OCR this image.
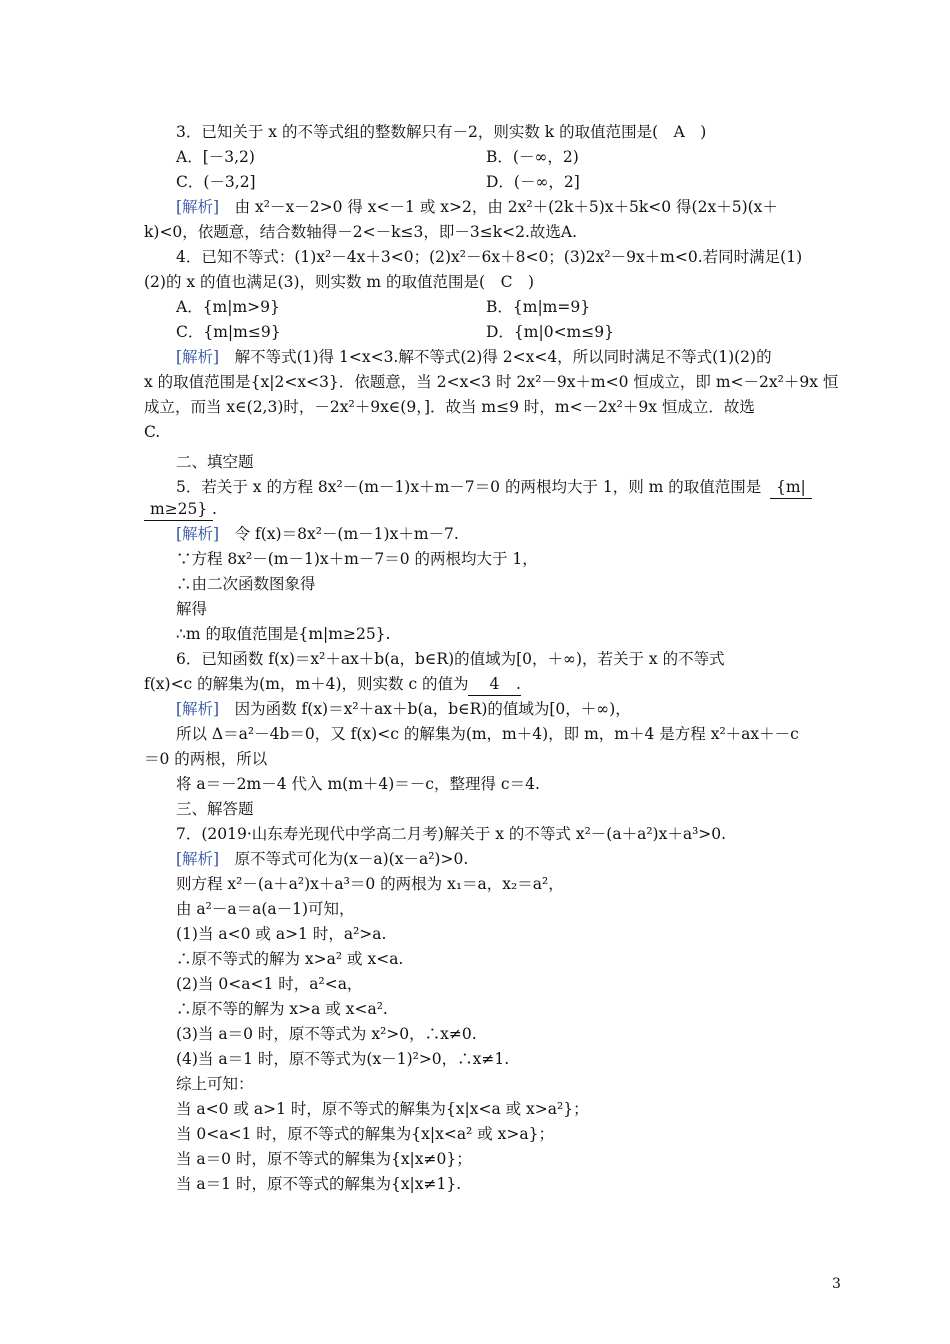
3．已知关于 x 的不等式组的整数解只有－2，则实数 k 的取值范围是(　A　)
A．[－3,2)	B．(－∞，2)
C．(－3,2]	D．(－∞，2]
[解析]　由 x²－x－2>0 得 x<－1 或 x>2，由 2x²＋(2k＋5)x＋5k<0 得(2x＋5)(x＋
k)<0，依题意，结合数轴得－2<－k≤3，即－3≤k<2.故选A.
4．已知不等式：(1)x²－4x＋3<0；(2)x²－6x＋8<0；(3)2x²－9x＋m<0.若同时满足(1)
(2)的 x 的值也满足(3)，则实数 m 的取值范围是(　C　)
A．{m|m>9}	B．{m|m=9}
C．{m|m≤9}	D．{m|0<m≤9}
[解析]　解不等式(1)得 1<x<3.解不等式(2)得 2<x<4，所以同时满足不等式(1)(2)的
x 的取值范围是{x|2<x<3}．依题意，当 2<x<3 时 2x²－9x＋m<0 恒成立，即 m<－2x²＋9x 恒
成立，而当 x∈(2,3)时，－2x²＋9x∈(9，]．故当 m≤9 时，m<－2x²＋9x 恒成立．故选
C.
二、填空题
5．若关于 x 的方程 8x²－(m－1)x＋m－7＝0 的两根均大于 1，则 m 的取值范围是 {m|
m≥25} .
[解析]　令 f(x)＝8x²－(m－1)x＋m－7.
∵方程 8x²－(m－1)x＋m－7＝0 的两根均大于 1，
∴由二次函数图象得
解得
∴m 的取值范围是{m|m≥25}.
6．已知函数 f(x)＝x²＋ax＋b(a，b∈R)的值域为[0，＋∞)，若关于 x 的不等式
f(x)<c 的解集为(m，m＋4)，则实数 c 的值为 　4　 .
[解析]　因为函数 f(x)＝x²＋ax＋b(a，b∈R)的值域为[0，＋∞)，
所以 Δ＝a²－4b＝0，又 f(x)<c 的解集为(m，m＋4)，即 m，m＋4 是方程 x²＋ax＋－c
＝0 的两根，所以
将 a＝－2m－4 代入 m(m＋4)＝－c，整理得 c＝4.
三、解答题
7．(2019·山东寿光现代中学高二月考)解关于 x 的不等式 x²－(a＋a²)x＋a³>0.
[解析]　原不等式可化为(x－a)(x－a²)>0.
则方程 x²－(a＋a²)x＋a³＝0 的两根为 x₁＝a，x₂＝a²，
由 a²－a＝a(a－1)可知，
(1)当 a<0 或 a>1 时，a²>a.
∴原不等式的解为 x>a² 或 x<a.
(2)当 0<a<1 时，a²<a，
∴原不等的解为 x>a 或 x<a².
(3)当 a＝0 时，原不等式为 x²>0，∴x≠0.
(4)当 a＝1 时，原不等式为(x－1)²>0，∴x≠1.
综上可知：
当 a<0 或 a>1 时，原不等式的解集为{x|x<a 或 x>a²}；
当 0<a<1 时，原不等式的解集为{x|x<a² 或 x>a}；
当 a＝0 时，原不等式的解集为{x|x≠0}；
当 a＝1 时，原不等式的解集为{x|x≠1}.
3
